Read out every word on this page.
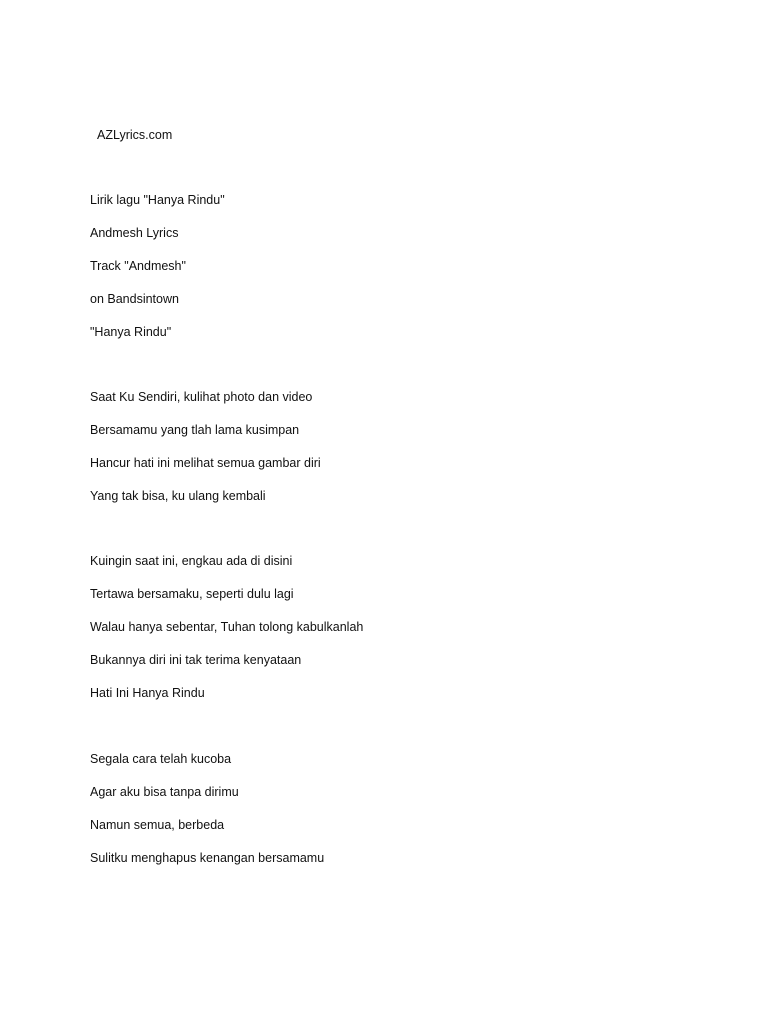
AZLyrics.com
Lirik lagu "Hanya Rindu"
Andmesh Lyrics
Track "Andmesh"
on Bandsintown
"Hanya Rindu"
Saat Ku Sendiri, kulihat photo dan video
Bersamamu yang tlah lama kusimpan
Hancur hati ini melihat semua gambar diri
Yang tak bisa, ku ulang kembali
Kuingin saat ini, engkau ada di disini
Tertawa bersamaku, seperti dulu lagi
Walau hanya sebentar, Tuhan tolong kabulkanlah
Bukannya diri ini tak terima kenyataan
Hati Ini Hanya Rindu
Segala cara telah kucoba
Agar aku bisa tanpa dirimu
Namun semua, berbeda
Sulitku menghapus kenangan bersamamu
